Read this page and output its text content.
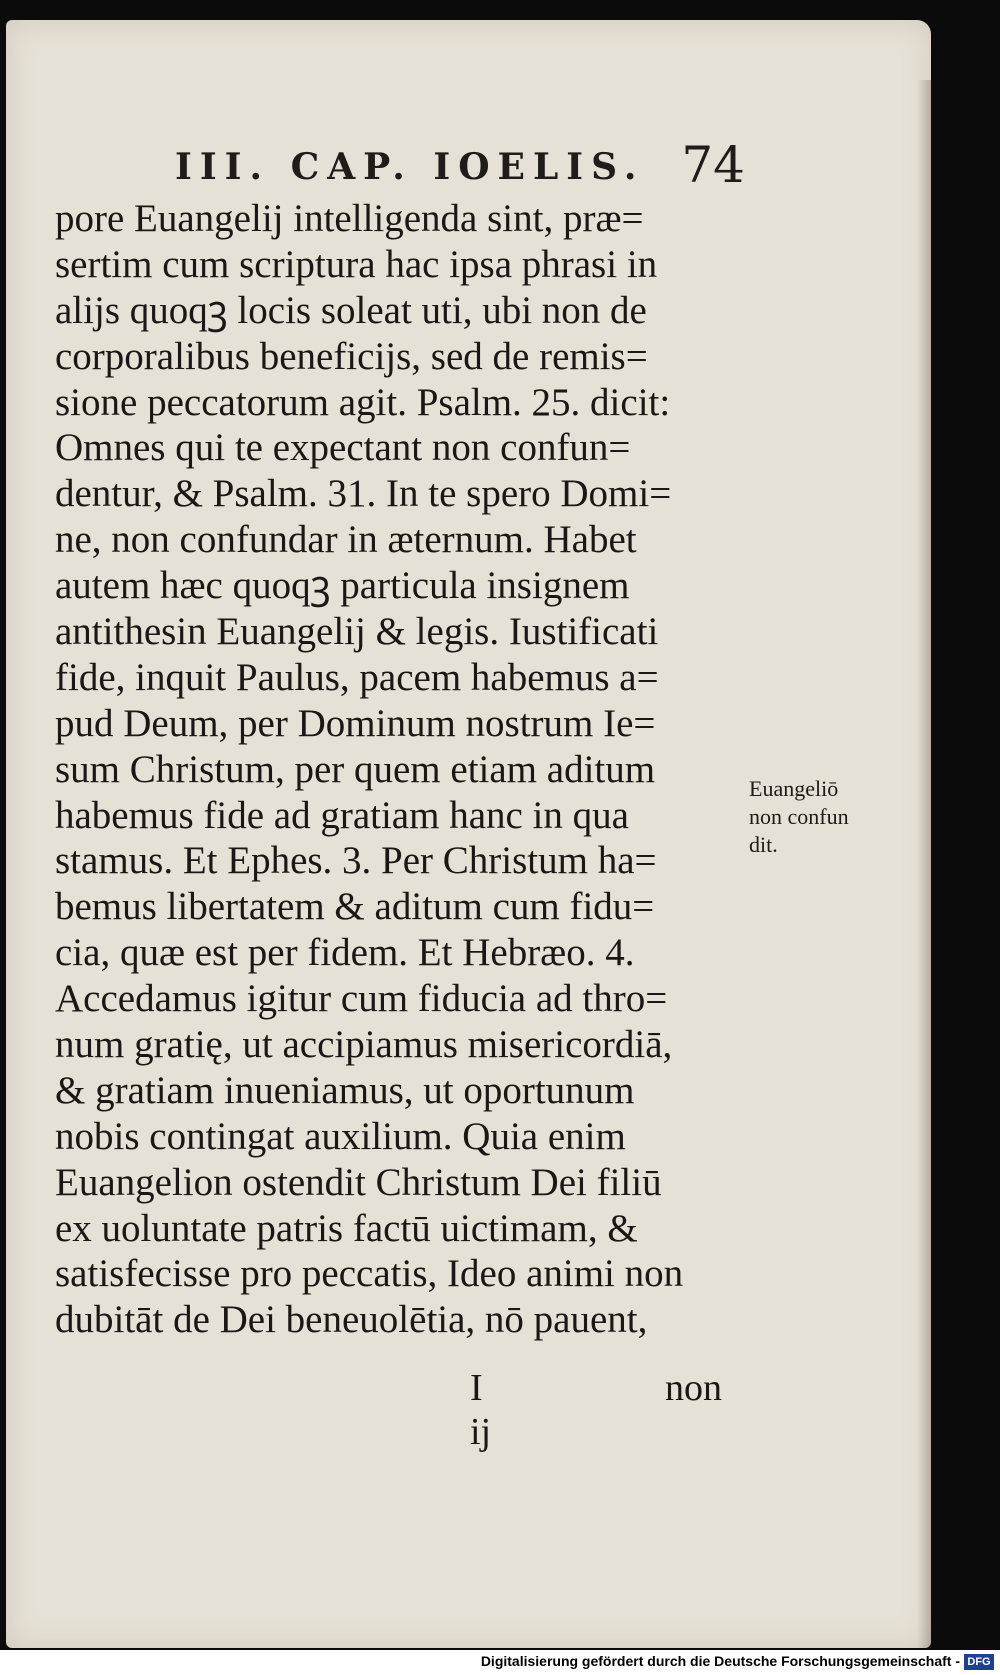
III. CAP. IOELIS. 74
pore Euangelij intelligenda sint, præ=
sertim cum scriptura hac ipsa phrasi in
alijs quoqꝫ locis soleat uti, ubi non de
corporalibus beneficijs, sed de remis=
sione peccatorum agit. Psalm. 25. dicit:
Omnes qui te expectant non confun=
dentur, & Psalm. 31. In te spero Domi=
ne, non confundar in æternum. Habet
autem hæc quoqꝫ particula insignem
antithesin Euangelij & legis. Iustificati
fide, inquit Paulus, pacem habemus a=
pud Deum, per Dominum nostrum Ie=
sum Christum, per quem etiam aditum
habemus fide ad gratiam hanc in qua
stamus. Et Ephes. 3. Per Christum ha=
bemus libertatem & aditum cum fidu=
cia, quæ est per fidem. Et Hebræo. 4.
Accedamus igitur cum fiducia ad thro=
num gratię, ut accipiamus misericordiā,
& gratiam inueniamus, ut oportunum
nobis contingat auxilium. Quia enim
Euangelion ostendit Christum Dei filiū
ex uoluntate patris factū uictimam, &
satisfecisse pro peccatis, Ideo animi non
dubitāt de Dei beneuolētia, nō pauent,
Euangeliō
non confun
dit.
I ij
non
Digitalisierung gefördert durch die Deutsche Forschungsgemeinschaft - DFG
